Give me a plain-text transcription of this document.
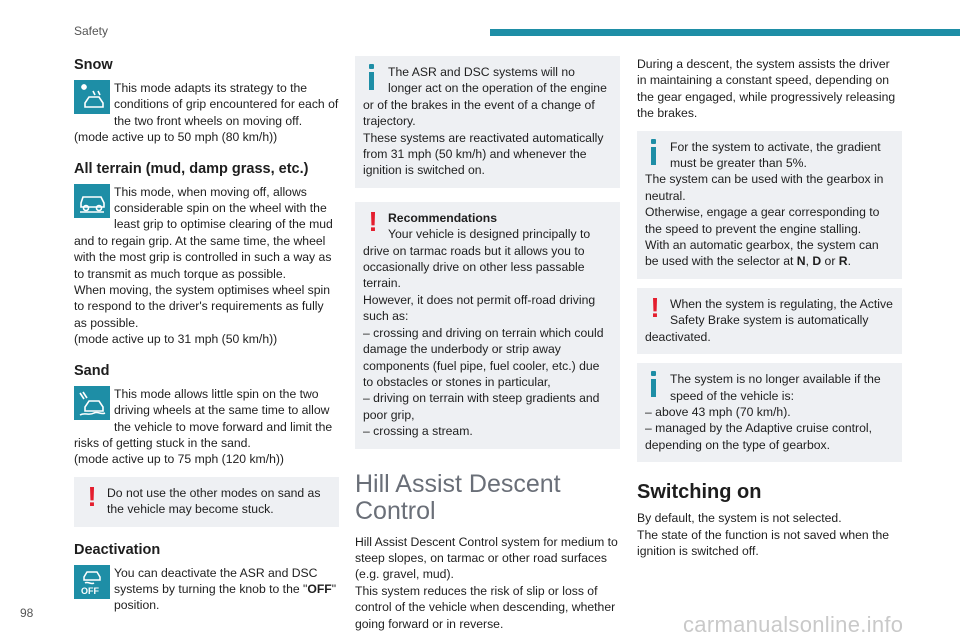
Safety
Snow

This mode adapts its strategy to the conditions of grip encountered for each of the two front wheels on moving off.

(mode active up to 50 mph (80 km/h))

All terrain (mud, damp grass, etc.)

This mode, when moving off, allows considerable spin on the wheel with the least grip to optimise clearing of the mud and to regain grip. At the same time, the wheel with the most grip is controlled in such a way as to transmit as much torque as possible.

When moving, the system optimises wheel spin to respond to the driver's requirements as fully as possible.

(mode active up to 31 mph (50 km/h))

Sand

This mode allows little spin on the two driving wheels at the same time to allow the vehicle to move forward and limit the risks of getting stuck in the sand.

(mode active up to 75 mph (120 km/h))

! Do not use the other modes on sand as the vehicle may become stuck.

Deactivation
OFF

You can deactivate the ASR and DSC systems by turning the knob to the "OFF" position.

The ASR and DSC systems will no longer act on the operation of the engine or of the brakes in the event of a change of trajectory.

These systems are reactivated automatically from 31 mph (50 km/h) and whenever the ignition is switched on.

! Recommendations

Your vehicle is designed principally to drive on tarmac roads but it allows you to occasionally drive on other less passable terrain.

However, it does not permit off-road driving such as:

– crossing and driving on terrain which could damage the underbody or strip away components (fuel pipe, fuel cooler, etc.) due to obstacles or stones in particular,

– driving on terrain with steep gradients and poor grip,

– crossing a stream.

Hill Assist Descent Control

Hill Assist Descent Control system for medium to steep slopes, on tarmac or other road surfaces (e.g. gravel, mud).

This system reduces the risk of slip or loss of control of the vehicle when descending, whether going forward or in reverse.

During a descent, the system assists the driver in maintaining a constant speed, depending on the gear engaged, while progressively releasing the brakes.

For the system to activate, the gradient must be greater than 5%.

The system can be used with the gearbox in neutral.

Otherwise, engage a gear corresponding to the speed to prevent the engine stalling.

With an automatic gearbox, the system can be used with the selector at N, D or R.

! When the system is regulating, the Active Safety Brake system is automatically deactivated.

The system is no longer available if the speed of the vehicle is:

– above 43 mph (70 km/h).

– managed by the Adaptive cruise control, depending on the type of gearbox.

Switching on

By default, the system is not selected.

The state of the function is not saved when the ignition is switched off.

98	carmanualsonline.info
